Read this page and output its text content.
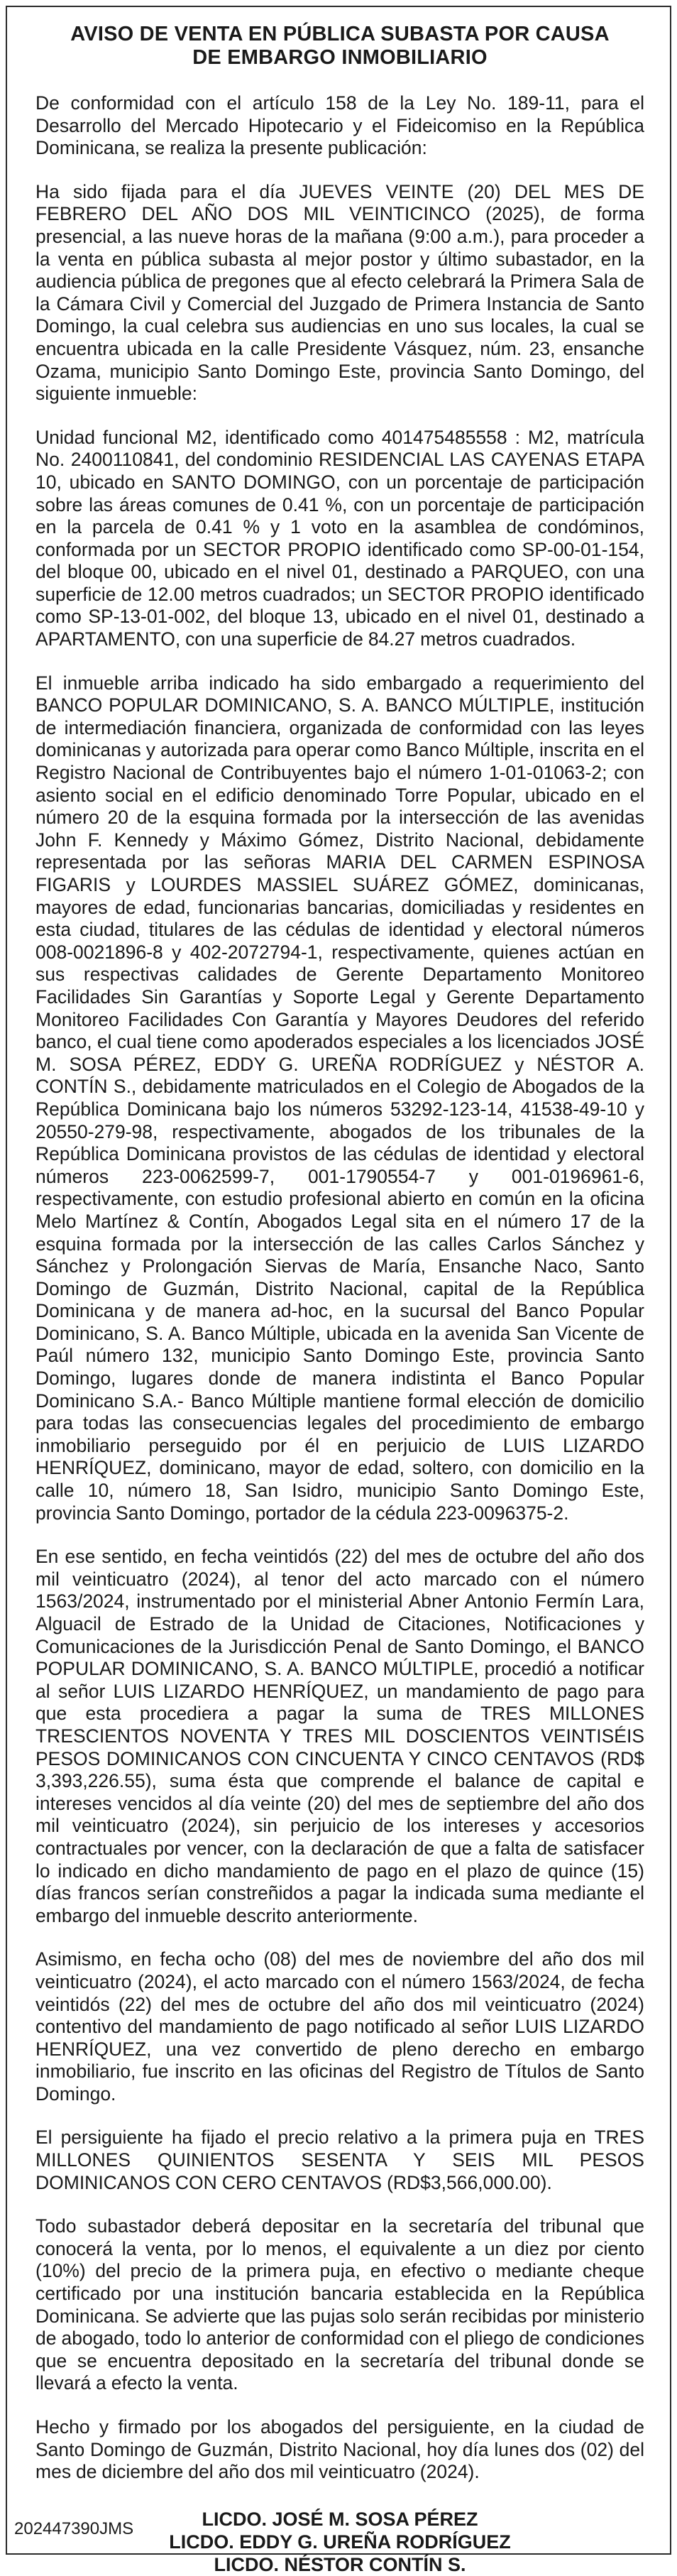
AVISO DE VENTA EN PÚBLICA SUBASTA POR CAUSA
DE EMBARGO INMOBILIARIO

De conformidad con el artículo 158 de la Ley No. 189-11, para el Desarrollo del Mercado Hipotecario y el Fideicomiso en la República Dominicana, se realiza la presente publicación:

Ha sido fijada para el día JUEVES VEINTE (20) DEL MES DE FEBRERO DEL AÑO DOS MIL VEINTICINCO (2025), de forma presencial, a las nueve horas de la mañana (9:00 a.m.), para proceder a la venta en pública subasta al mejor postor y último subastador, en la audiencia pública de pregones que al efecto celebrará la Primera Sala de la Cámara Civil y Comercial del Juzgado de Primera Instancia de Santo Domingo, la cual celebra sus audiencias en uno sus locales, la cual se encuentra ubicada en la calle Presidente Vásquez, núm. 23, ensanche Ozama, municipio Santo Domingo Este, provincia Santo Domingo, del siguiente inmueble:

Unidad funcional M2, identificado como 401475485558 : M2, matrícula No. 2400110841, del condominio RESIDENCIAL LAS CAYENAS ETAPA 10, ubicado en SANTO DOMINGO, con un porcentaje de participación sobre las áreas comunes de 0.41 %, con un porcentaje de participación en la parcela de 0.41 % y 1 voto en la asamblea de condóminos, conformada por un SECTOR PROPIO identificado como SP-00-01-154, del bloque 00, ubicado en el nivel 01, destinado a PARQUEO, con una superficie de 12.00 metros cuadrados; un SECTOR PROPIO identificado como SP-13-01-002, del bloque 13, ubicado en el nivel 01, destinado a APARTAMENTO, con una superficie de 84.27 metros cuadrados.

El inmueble arriba indicado ha sido embargado a requerimiento del BANCO POPULAR DOMINICANO, S. A. BANCO MÚLTIPLE, institución de intermediación financiera, organizada de conformidad con las leyes dominicanas y autorizada para operar como Banco Múltiple, inscrita en el Registro Nacional de Contribuyentes bajo el número 1-01-01063-2; con asiento social en el edificio denominado Torre Popular, ubicado en el número 20 de la esquina formada por la intersección de las avenidas John F. Kennedy y Máximo Gómez, Distrito Nacional, debidamente representada por las señoras MARIA DEL CARMEN ESPINOSA FIGARIS y LOURDES MASSIEL SUÁREZ GÓMEZ, dominicanas, mayores de edad, funcionarias bancarias, domiciliadas y residentes en esta ciudad, titulares de las cédulas de identidad y electoral números 008-0021896-8 y 402-2072794-1, respectivamente, quienes actúan en sus respectivas calidades de Gerente Departamento Monitoreo Facilidades Sin Garantías y Soporte Legal y Gerente Departamento Monitoreo Facilidades Con Garantía y Mayores Deudores del referido banco, el cual tiene como apoderados especiales a los licenciados JOSÉ M. SOSA PÉREZ, EDDY G. UREÑA RODRÍGUEZ y NÉSTOR A. CONTÍN S., debidamente matriculados en el Colegio de Abogados de la República Dominicana bajo los números 53292-123-14, 41538-49-10 y 20550-279-98, respectivamente, abogados de los tribunales de la República Dominicana provistos de las cédulas de identidad y electoral números 223-0062599-7, 001-1790554-7 y 001-0196961-6, respectivamente, con estudio profesional abierto en común en la oficina Melo Martínez & Contín, Abogados Legal sita en el número 17 de la esquina formada por la intersección de las calles Carlos Sánchez y Sánchez y Prolongación Siervas de María, Ensanche Naco, Santo Domingo de Guzmán, Distrito Nacional, capital de la República Dominicana y de manera ad-hoc, en la sucursal del Banco Popular Dominicano, S. A. Banco Múltiple, ubicada en la avenida San Vicente de Paúl número 132, municipio Santo Domingo Este, provincia Santo Domingo, lugares donde de manera indistinta el Banco Popular Dominicano S.A.- Banco Múltiple mantiene formal elección de domicilio para todas las consecuencias legales del procedimiento de embargo inmobiliario perseguido por él en perjuicio de LUIS LIZARDO HENRÍQUEZ, dominicano, mayor de edad, soltero, con domicilio en la calle 10, número 18, San Isidro, municipio Santo Domingo Este, provincia Santo Domingo, portador de la cédula 223-0096375-2.

En ese sentido, en fecha veintidós (22) del mes de octubre del año dos mil veinticuatro (2024), al tenor del acto marcado con el número 1563/2024, instrumentado por el ministerial Abner Antonio Fermín Lara, Alguacil de Estrado de la Unidad de Citaciones, Notificaciones y Comunicaciones de la Jurisdicción Penal de Santo Domingo, el BANCO POPULAR DOMINICANO, S. A. BANCO MÚLTIPLE, procedió a notificar al señor LUIS LIZARDO HENRÍQUEZ, un mandamiento de pago para que esta procediera a pagar la suma de TRES MILLONES TRESCIENTOS NOVENTA Y TRES MIL DOSCIENTOS VEINTISÉIS PESOS DOMINICANOS CON CINCUENTA Y CINCO CENTAVOS (RD$ 3,393,226.55), suma ésta que comprende el balance de capital e intereses vencidos al día veinte (20) del mes de septiembre del año dos mil veinticuatro (2024), sin perjuicio de los intereses y accesorios contractuales por vencer, con la declaración de que a falta de satisfacer lo indicado en dicho mandamiento de pago en el plazo de quince (15) días francos serían constreñidos a pagar la indicada suma mediante el embargo del inmueble descrito anteriormente.

Asimismo, en fecha ocho (08) del mes de noviembre del año dos mil veinticuatro (2024), el acto marcado con el número 1563/2024, de fecha veintidós (22) del mes de octubre del año dos mil veinticuatro (2024) contentivo del mandamiento de pago notificado al señor LUIS LIZARDO HENRÍQUEZ, una vez convertido de pleno derecho en embargo inmobiliario, fue inscrito en las oficinas del Registro de Títulos de Santo Domingo.

El persiguiente ha fijado el precio relativo a la primera puja en TRES MILLONES QUINIENTOS SESENTA Y SEIS MIL PESOS DOMINICANOS CON CERO CENTAVOS (RD$3,566,000.00).

Todo subastador deberá depositar en la secretaría del tribunal que conocerá la venta, por lo menos, el equivalente a un diez por ciento (10%) del precio de la primera puja, en efectivo o mediante cheque certificado por una institución bancaria establecida en la República Dominicana. Se advierte que las pujas solo serán recibidas por ministerio de abogado, todo lo anterior de conformidad con el pliego de condiciones que se encuentra depositado en la secretaría del tribunal donde se llevará a efecto la venta.

Hecho y firmado por los abogados del persiguiente, en la ciudad de Santo Domingo de Guzmán, Distrito Nacional, hoy día lunes dos (02) del mes de diciembre del año dos mil veinticuatro (2024).

LICDO. JOSÉ M. SOSA PÉREZ
LICDO. EDDY G. UREÑA RODRÍGUEZ
LICDO. NÉSTOR CONTÍN S.
202447390JMS
